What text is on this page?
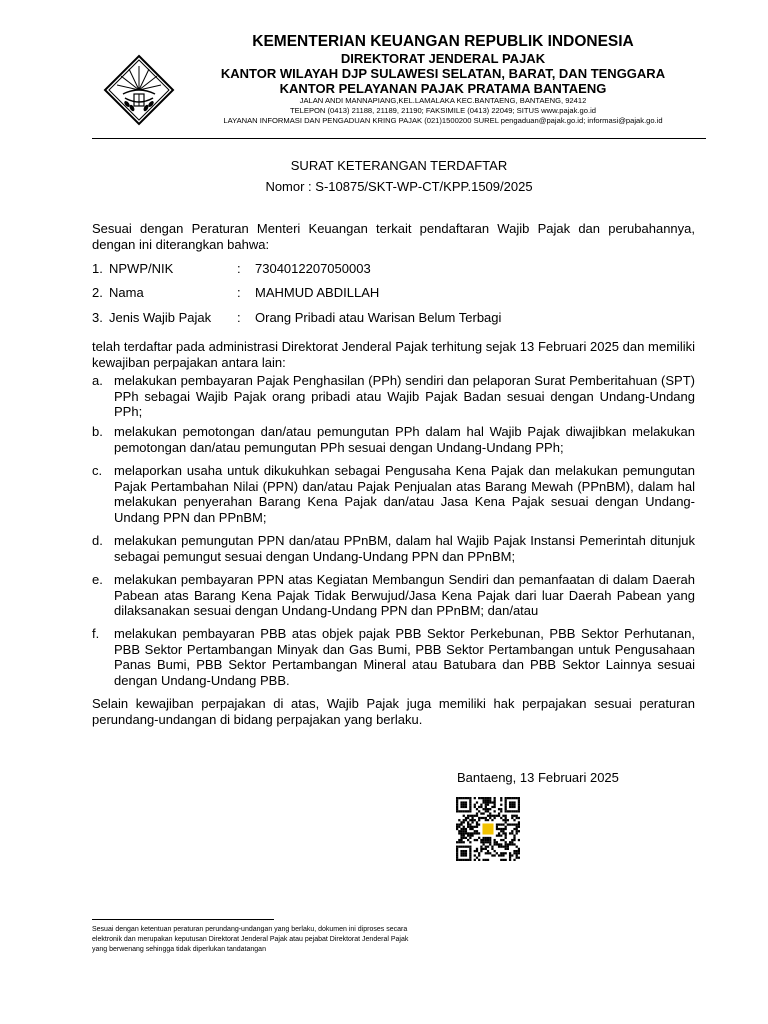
KEMENTERIAN KEUANGAN REPUBLIK INDONESIA
DIREKTORAT JENDERAL PAJAK
KANTOR WILAYAH DJP SULAWESI SELATAN, BARAT, DAN TENGGARA
KANTOR PELAYANAN PAJAK PRATAMA BANTAENG
JALAN ANDI MANNAPIANG,KEL.LAMALAKA KEC.BANTAENG, BANTAENG, 92412
TELEPON (0413) 21188, 21189, 21190; FAKSIMILE (0413) 22049; SITUS www.pajak.go.id
LAYANAN INFORMASI DAN PENGADUAN KRING PAJAK (021)1500200 SUREL pengaduan@pajak.go.id; informasi@pajak.go.id
SURAT KETERANGAN TERDAFTAR
Nomor : S-10875/SKT-WP-CT/KPP.1509/2025
Sesuai dengan Peraturan Menteri Keuangan terkait pendaftaran Wajib Pajak dan perubahannya, dengan ini diterangkan bahwa:
1. NPWP/NIK	: 7304012207050003
2. Nama	: MAHMUD ABDILLAH
3. Jenis Wajib Pajak : Orang Pribadi atau Warisan Belum Terbagi
telah terdaftar pada administrasi Direktorat Jenderal Pajak terhitung sejak 13 Februari 2025 dan memiliki kewajiban perpajakan antara lain:
a. melakukan pembayaran Pajak Penghasilan (PPh) sendiri dan pelaporan Surat Pemberitahuan (SPT) PPh sebagai Wajib Pajak orang pribadi atau Wajib Pajak Badan sesuai dengan Undang-Undang PPh;
b. melakukan pemotongan dan/atau pemungutan PPh dalam hal Wajib Pajak diwajibkan melakukan pemotongan dan/atau pemungutan PPh sesuai dengan Undang-Undang PPh;
c. melaporkan usaha untuk dikukuhkan sebagai Pengusaha Kena Pajak dan melakukan pemungutan Pajak Pertambahan Nilai (PPN) dan/atau Pajak Penjualan atas Barang Mewah (PPnBM), dalam hal melakukan penyerahan Barang Kena Pajak dan/atau Jasa Kena Pajak sesuai dengan Undang-Undang PPN dan PPnBM;
d. melakukan pemungutan PPN dan/atau PPnBM, dalam hal Wajib Pajak Instansi Pemerintah ditunjuk sebagai pemungut sesuai dengan Undang-Undang PPN dan PPnBM;
e. melakukan pembayaran PPN atas Kegiatan Membangun Sendiri dan pemanfaatan di dalam Daerah Pabean atas Barang Kena Pajak Tidak Berwujud/Jasa Kena Pajak dari luar Daerah Pabean yang dilaksanakan sesuai dengan Undang-Undang PPN dan PPnBM; dan/atau
f. melakukan pembayaran PBB atas objek pajak PBB Sektor Perkebunan, PBB Sektor Perhutanan, PBB Sektor Pertambangan Minyak dan Gas Bumi, PBB Sektor Pertambangan untuk Pengusahaan Panas Bumi, PBB Sektor Pertambangan Mineral atau Batubara dan PBB Sektor Lainnya sesuai dengan Undang-Undang PBB.
Selain kewajiban perpajakan di atas, Wajib Pajak juga memiliki hak perpajakan sesuai peraturan perundang-undangan di bidang perpajakan yang berlaku.
Bantaeng, 13 Februari 2025
Sesuai dengan ketentuan peraturan perundang-undangan yang berlaku, dokumen ini diproses secara elektronik dan merupakan keputusan Direktorat Jenderal Pajak atau pejabat Direktorat Jenderal Pajak yang berwenang sehingga tidak diperlukan tandatangan
